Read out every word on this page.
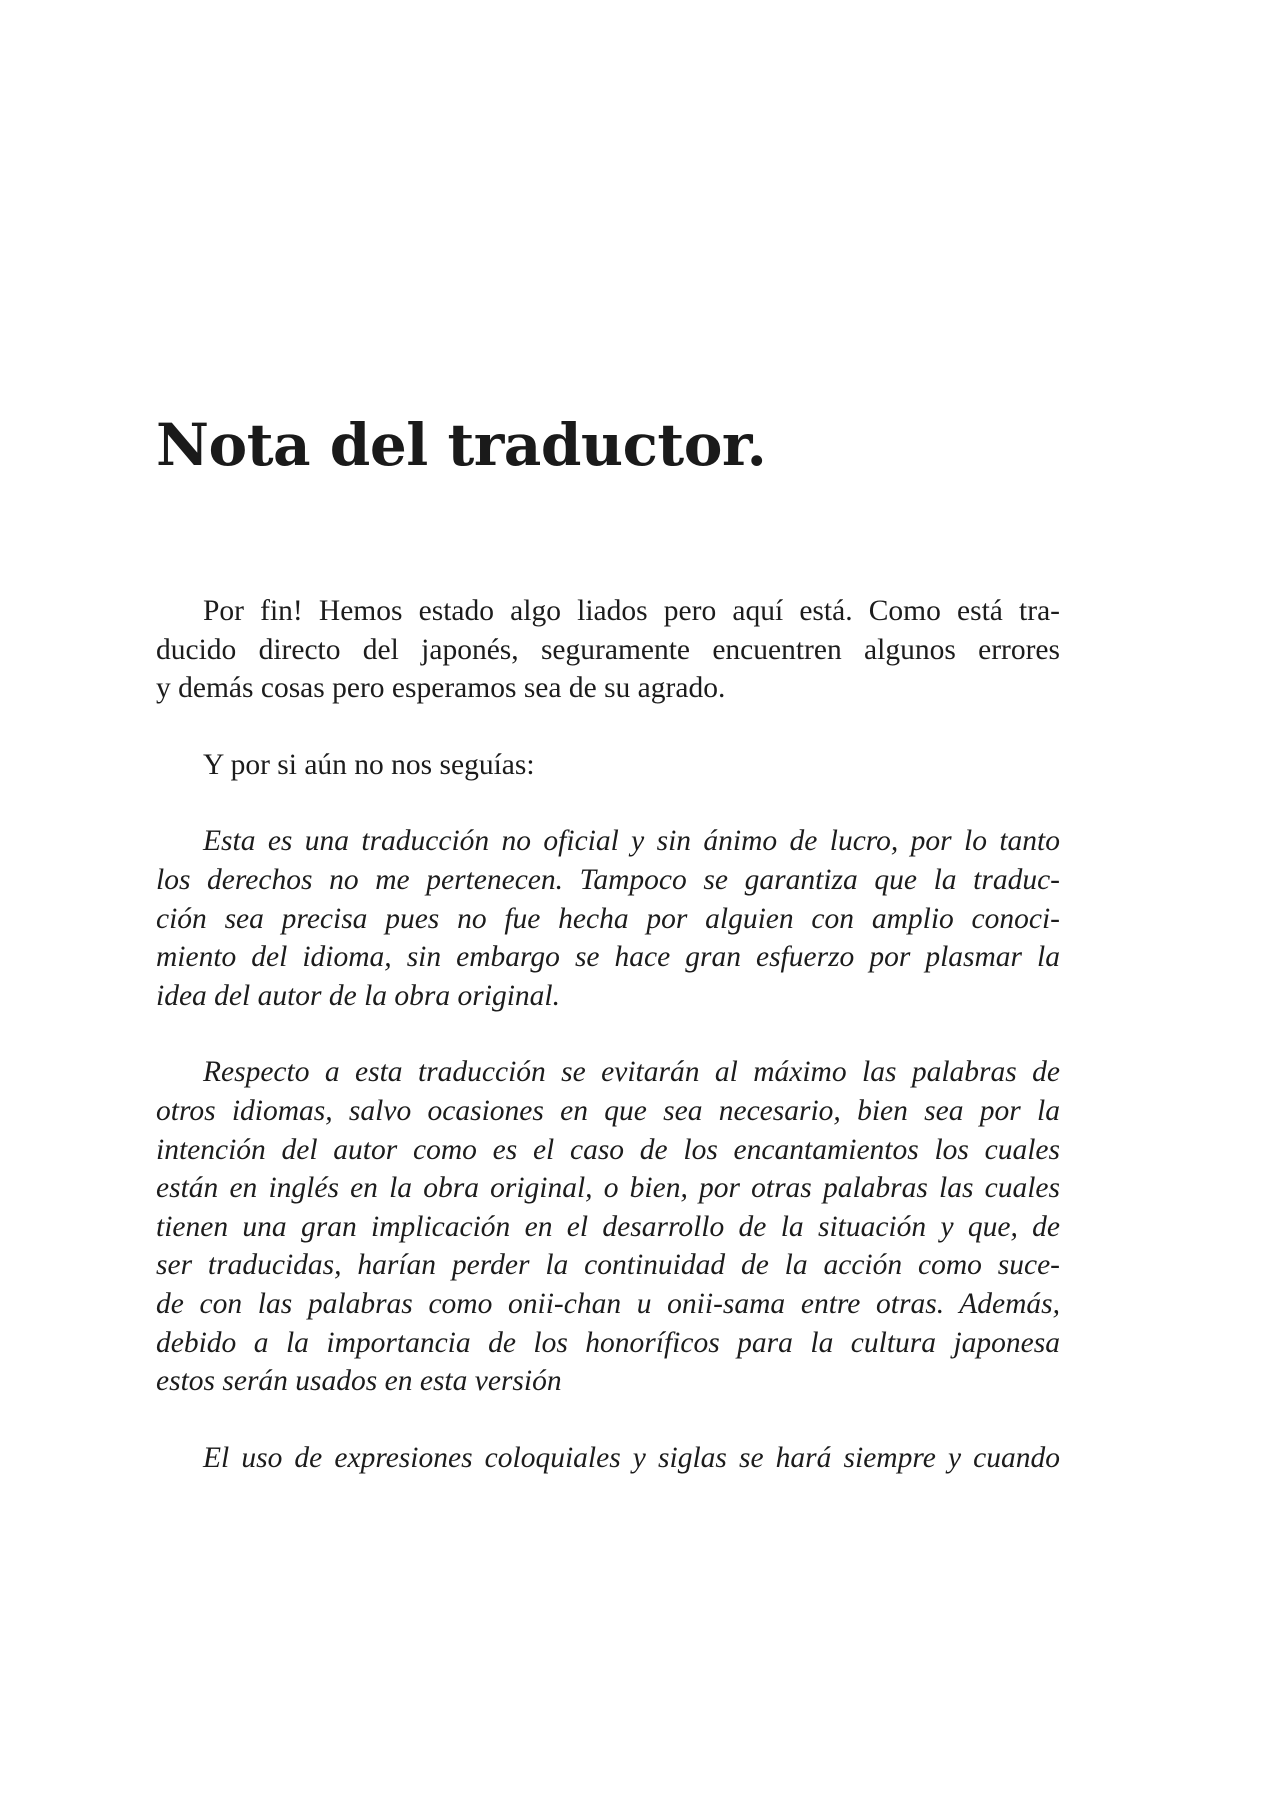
Nota del traductor.
Por fin! Hemos estado algo liados pero aquí está. Como está tra-
ducido directo del japonés, seguramente encuentren algunos errores
y demás cosas pero esperamos sea de su agrado.
Y por si aún no nos seguías:
Esta es una traducción no oficial y sin ánimo de lucro, por lo tanto
los derechos no me pertenecen. Tampoco se garantiza que la traduc-
ción sea precisa pues no fue hecha por alguien con amplio conoci-
miento del idioma, sin embargo se hace gran esfuerzo por plasmar la
idea del autor de la obra original.
Respecto a esta traducción se evitarán al máximo las palabras de
otros idiomas, salvo ocasiones en que sea necesario, bien sea por la
intención del autor como es el caso de los encantamientos los cuales
están en inglés en la obra original, o bien, por otras palabras las cuales
tienen una gran implicación en el desarrollo de la situación y que, de
ser traducidas, harían perder la continuidad de la acción como suce-
de con las palabras como onii-chan u onii-sama entre otras. Además,
debido a la importancia de los honoríficos para la cultura japonesa
estos serán usados en esta versión
El uso de expresiones coloquiales y siglas se hará siempre y cuando
